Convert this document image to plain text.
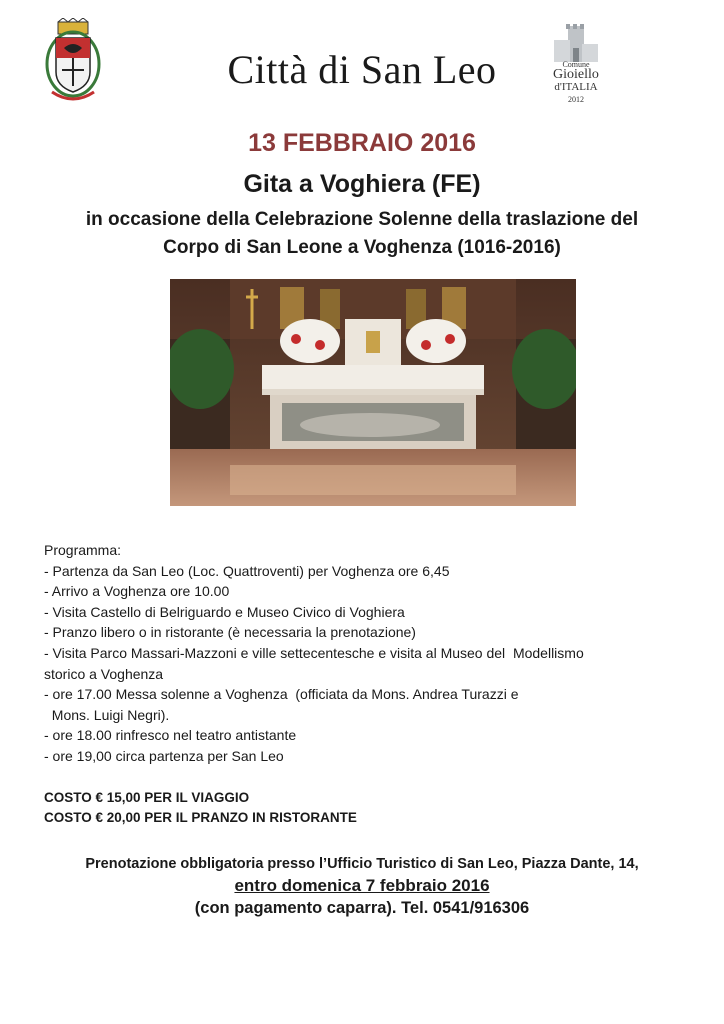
Città di San Leo	Comune
Gioiello
d'ITALIA
2012
13 FEBBRAIO 2016
Gita a Voghiera (FE)
in occasione della Celebrazione Solenne della traslazione del
Corpo di San Leone a Voghenza (1016-2016)
Programma:
- Partenza da San Leo (Loc. Quattroventi) per Voghenza ore 6,45
- Arrivo a Voghenza ore 10.00
- Visita Castello di Belriguardo e Museo Civico di Voghiera
- Pranzo libero o in ristorante (è necessaria la prenotazione)
- Visita Parco Massari-Mazzoni e ville settecentesche e visita al Museo del  Modellismo
storico a Voghenza
- ore 17.00 Messa solenne a Voghenza  (officiata da Mons. Andrea Turazzi e
Mons. Luigi Negri).
- ore 18.00 rinfresco nel teatro antistante
- ore 19,00 circa partenza per San Leo
COSTO € 15,00 PER IL VIAGGIO
COSTO € 20,00 PER IL PRANZO IN RISTORANTE
Prenotazione obbligatoria presso l’Ufficio Turistico di San Leo, Piazza Dante, 14,
entro domenica 7 febbraio 2016
(con pagamento caparra). Tel. 0541/916306
